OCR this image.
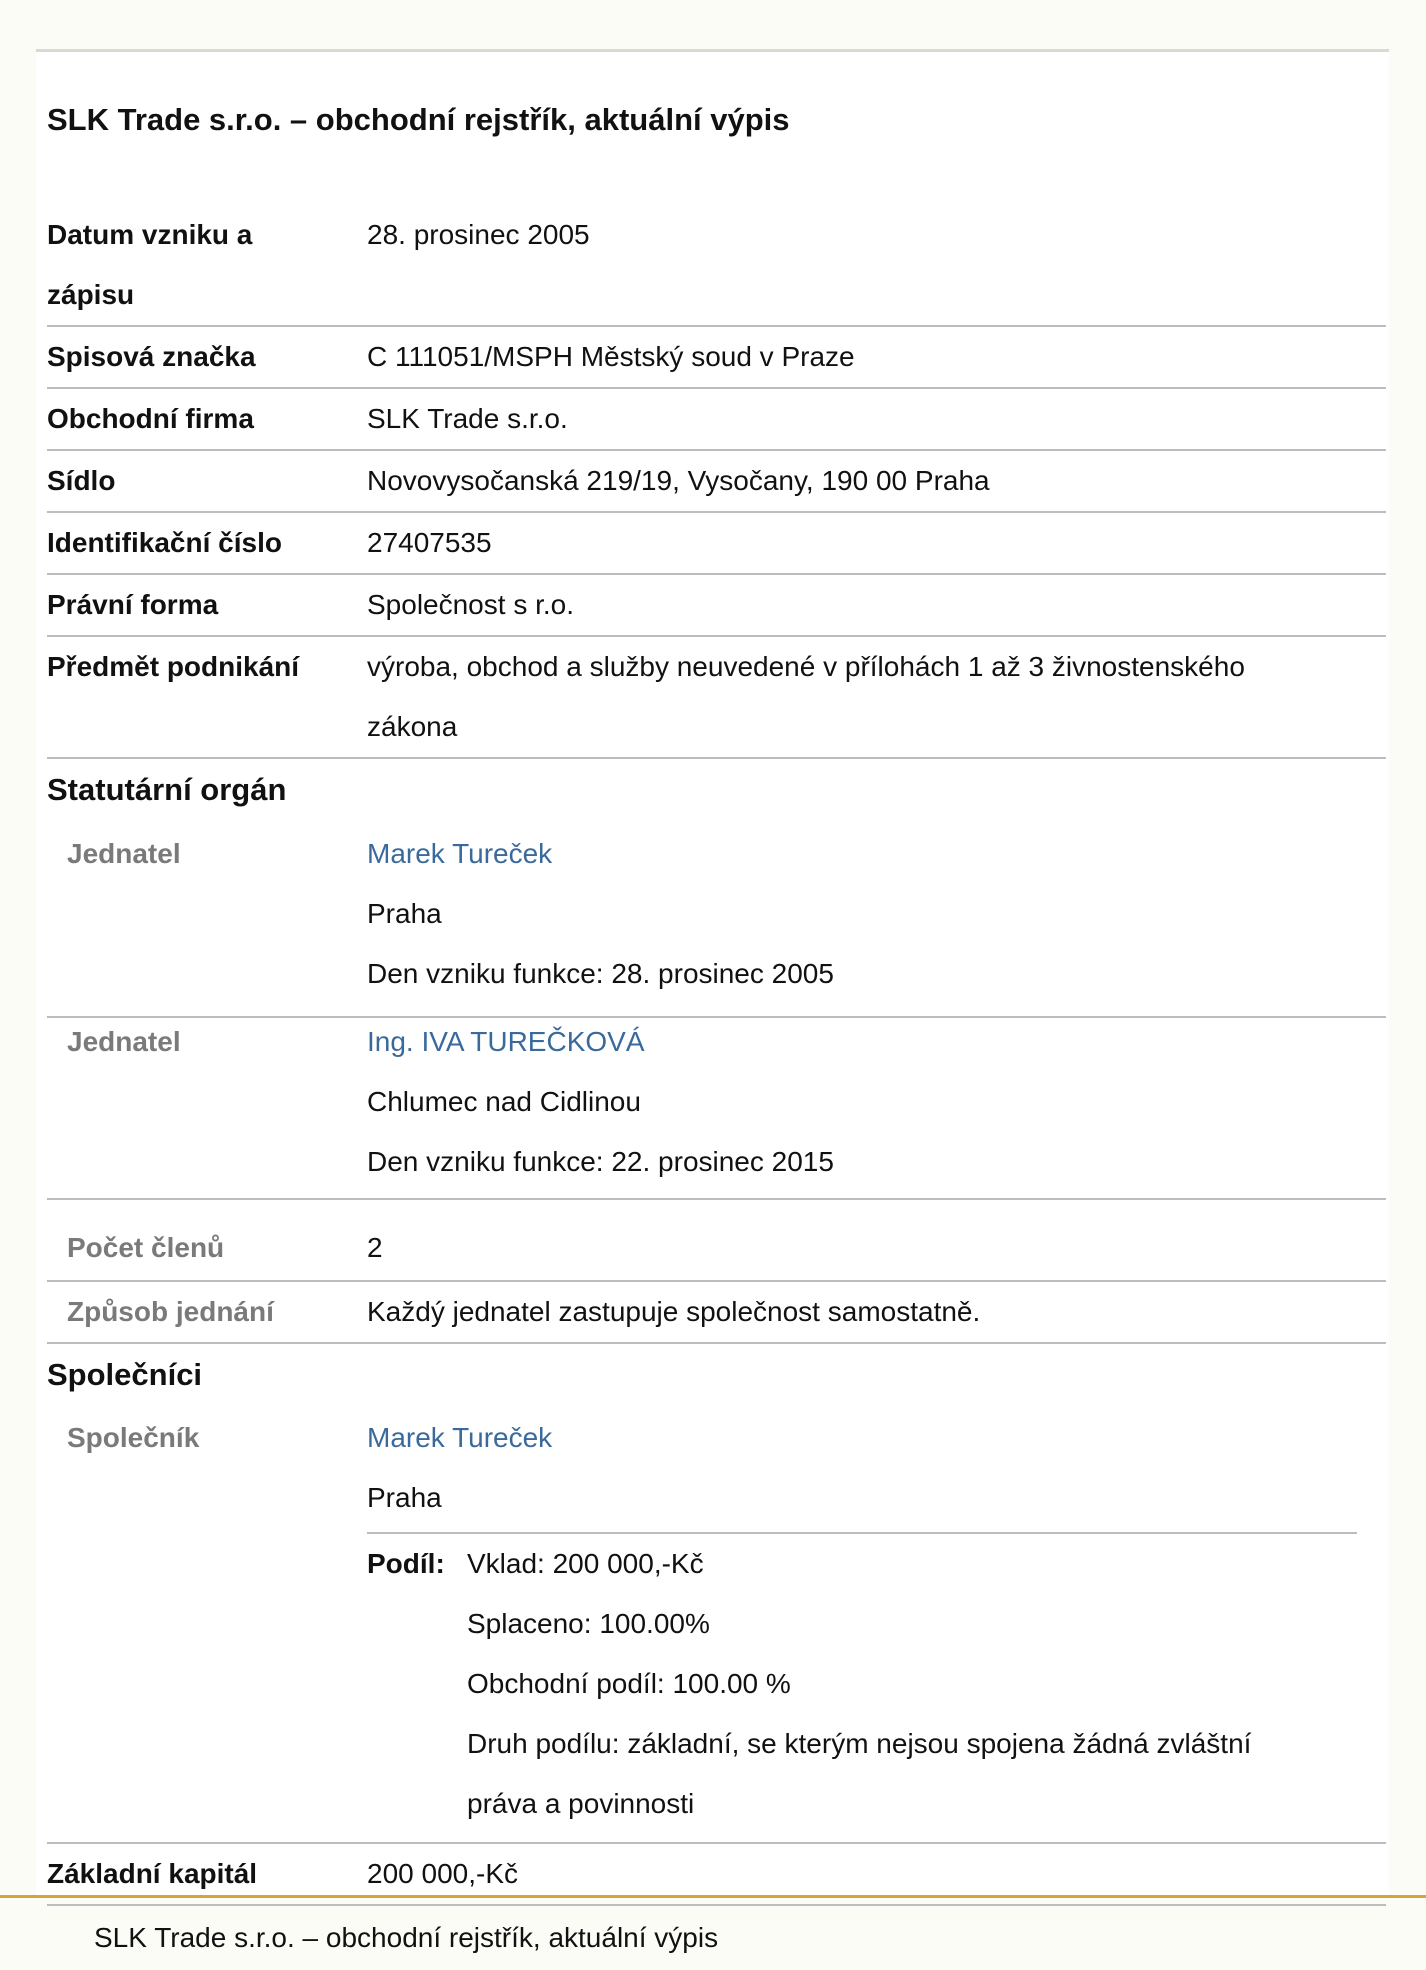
SLK Trade s.r.o. – obchodní rejstřík, aktuální výpis
Datum vzniku a
zápisu
28. prosinec 2005
Spisová značka	C 111051/MSPH Městský soud v Praze
Obchodní firma	SLK Trade s.r.o.
Sídlo	Novovysočanská 219/19, Vysočany, 190 00 Praha
Identifikační číslo	27407535
Právní forma	Společnost s r.o.
Předmět podnikání	výroba, obchod a služby neuvedené v přílohách 1 až 3 živnostenského
zákona
Statutární orgán
Jednatel	Marek Tureček
Praha
Den vzniku funkce: 28. prosinec 2005
Jednatel	Ing. IVA TUREČKOVÁ
Chlumec nad Cidlinou
Den vzniku funkce: 22. prosinec 2015
Počet členů	2
Způsob jednání	Každý jednatel zastupuje společnost samostatně.
Společníci
Společník	Marek Tureček
Praha
Podíl: Vklad: 200 000,-Kč
Splaceno: 100.00%
Obchodní podíl: 100.00 %
Druh podílu: základní, se kterým nejsou spojena žádná zvláštní
práva a povinnosti
Základní kapitál	200 000,-Kč
SLK Trade s.r.o. – obchodní rejstřík, aktuální výpis
